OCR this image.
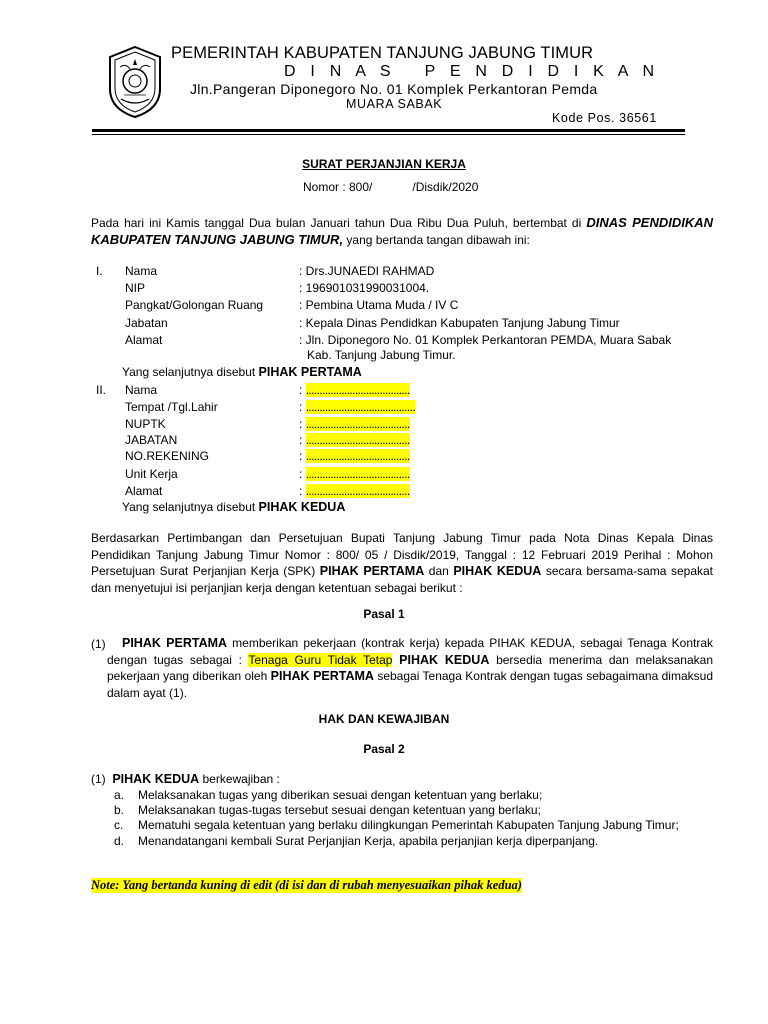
PEMERINTAH KABUPATEN TANJUNG JABUNG TIMUR
D I N A S   P E N D I D I K A N
Jln.Pangeran Diponegoro No. 01 Komplek Perkantoran Pemda
MUARA SABAK
Kode Pos. 36561
SURAT PERJANJIAN KERJA
Nomor : 800/            /Disdik/2020
Pada hari ini Kamis tanggal Dua bulan Januari tahun Dua Ribu Dua Puluh, bertembat di DINAS PENDIDIKAN KABUPATEN TANJUNG JABUNG TIMUR, yang bertanda tangan dibawah ini:
I. Nama	: Drs.JUNAEDI RAHMAD
NIP	: 196901031990031004.
Pangkat/Golongan Ruang	: Pembina Utama Muda / IV C
Jabatan	: Kepala Dinas Pendidkan Kabupaten Tanjung Jabung Timur
Alamat	: Jln. Diponegoro No. 01 Komplek Perkantoran PEMDA, Muara Sabak
Kab. Tanjung Jabung Timur.
Yang selanjutnya disebut PIHAK PERTAMA
II. Nama	: ......................................
Tempat /Tgl.Lahir	: ........................................
NUPTK	: ......................................
JABATAN	: ......................................
NO.REKENING	: ......................................
Unit Kerja	: ......................................
Alamat	: ......................................
Yang selanjutnya disebut PIHAK KEDUA
Berdasarkan Pertimbangan dan Persetujuan Bupati Tanjung Jabung Timur pada Nota Dinas Kepala Dinas Pendidikan Tanjung Jabung Timur Nomor : 800/ 05 / Disdik/2019, Tanggal : 12 Februari 2019 Perihal : Mohon Persetujuan Surat Perjanjian Kerja (SPK) PIHAK PERTAMA dan PIHAK KEDUA secara bersama-sama sepakat dan menyetujui isi perjanjian kerja dengan ketentuan sebagai berikut :
Pasal 1
(1)	PIHAK PERTAMA memberikan pekerjaan (kontrak kerja) kepada PIHAK KEDUA, sebagai Tenaga Kontrak dengan tugas sebagai : Tenaga Guru Tidak Tetap PIHAK KEDUA bersedia menerima dan melaksanakan pekerjaan yang diberikan oleh PIHAK PERTAMA sebagai Tenaga Kontrak dengan tugas sebagaimana dimaksud dalam ayat (1).
HAK DAN KEWAJIBAN
Pasal 2
(1) PIHAK KEDUA berkewajiban :
a. Melaksanakan tugas yang diberikan sesuai dengan ketentuan yang berlaku;
b. Melaksanakan tugas-tugas tersebut sesuai dengan ketentuan yang berlaku;
c. Mematuhi segala ketentuan yang berlaku dilingkungan Pemerintah Kabupaten Tanjung Jabung Timur;
d. Menandatangani kembali Surat Perjanjian Kerja, apabila perjanjian kerja diperpanjang.
Note: Yang bertanda kuning di edit (di isi dan di rubah menyesuaikan pihak kedua)
